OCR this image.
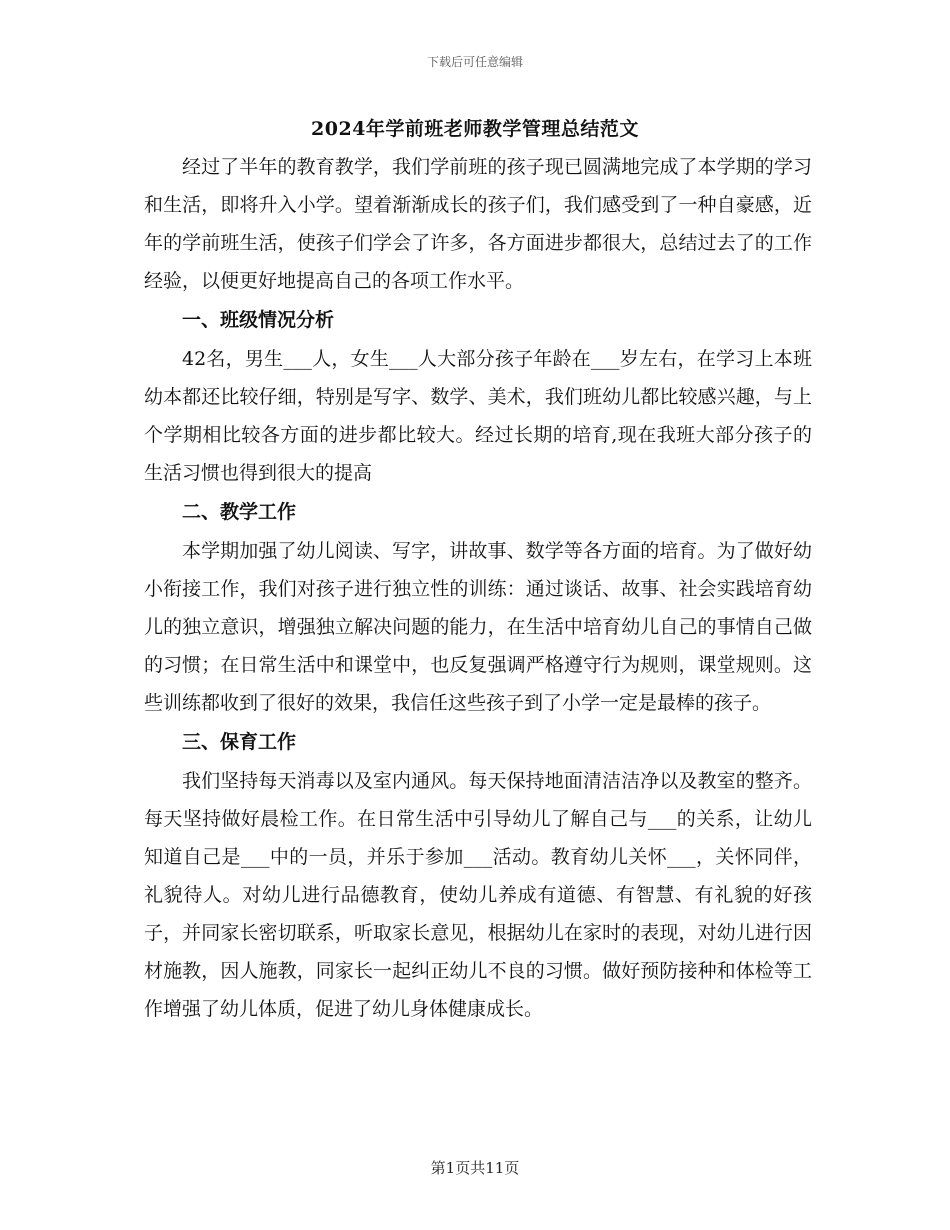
下载后可任意编辑
2024年学前班老师教学管理总结范文

经过了半年的教育教学，我们学前班的孩子现已圆满地完成了本学期的学习和生活，即将升入小学。望着渐渐成长的孩子们，我们感受到了一种自豪感，近年的学前班生活，使孩子们学会了许多，各方面进步都很大，总结过去了的工作经验，以便更好地提高自己的各项工作水平。

一、班级情况分析

42名，男生___人，女生___人大部分孩子年龄在___岁左右，在学习上本班幼本都还比较仔细，特别是写字、数学、美术，我们班幼儿都比较感兴趣，与上个学期相比较各方面的进步都比较大。经过长期的培育,现在我班大部分孩子的生活习惯也得到很大的提高

二、教学工作

本学期加强了幼儿阅读、写字，讲故事、数学等各方面的培育。为了做好幼小衔接工作，我们对孩子进行独立性的训练：通过谈话、故事、社会实践培育幼儿的独立意识，增强独立解决问题的能力，在生活中培育幼儿自己的事情自己做的习惯；在日常生活中和课堂中，也反复强调严格遵守行为规则，课堂规则。这些训练都收到了很好的效果，我信任这些孩子到了小学一定是最棒的孩子。

三、保育工作

我们坚持每天消毒以及室内通风。每天保持地面清洁洁净以及教室的整齐。每天坚持做好晨检工作。在日常生活中引导幼儿了解自己与___的关系，让幼儿知道自己是___中的一员，并乐于参加___活动。教育幼儿关怀___，关怀同伴，礼貌待人。对幼儿进行品德教育，使幼儿养成有道德、有智慧、有礼貌的好孩子，并同家长密切联系，听取家长意见，根据幼儿在家时的表现，对幼儿进行因材施教，因人施教，同家长一起纠正幼儿不良的习惯。做好预防接种和体检等工作增强了幼儿体质，促进了幼儿身体健康成长。

第1页共11页
